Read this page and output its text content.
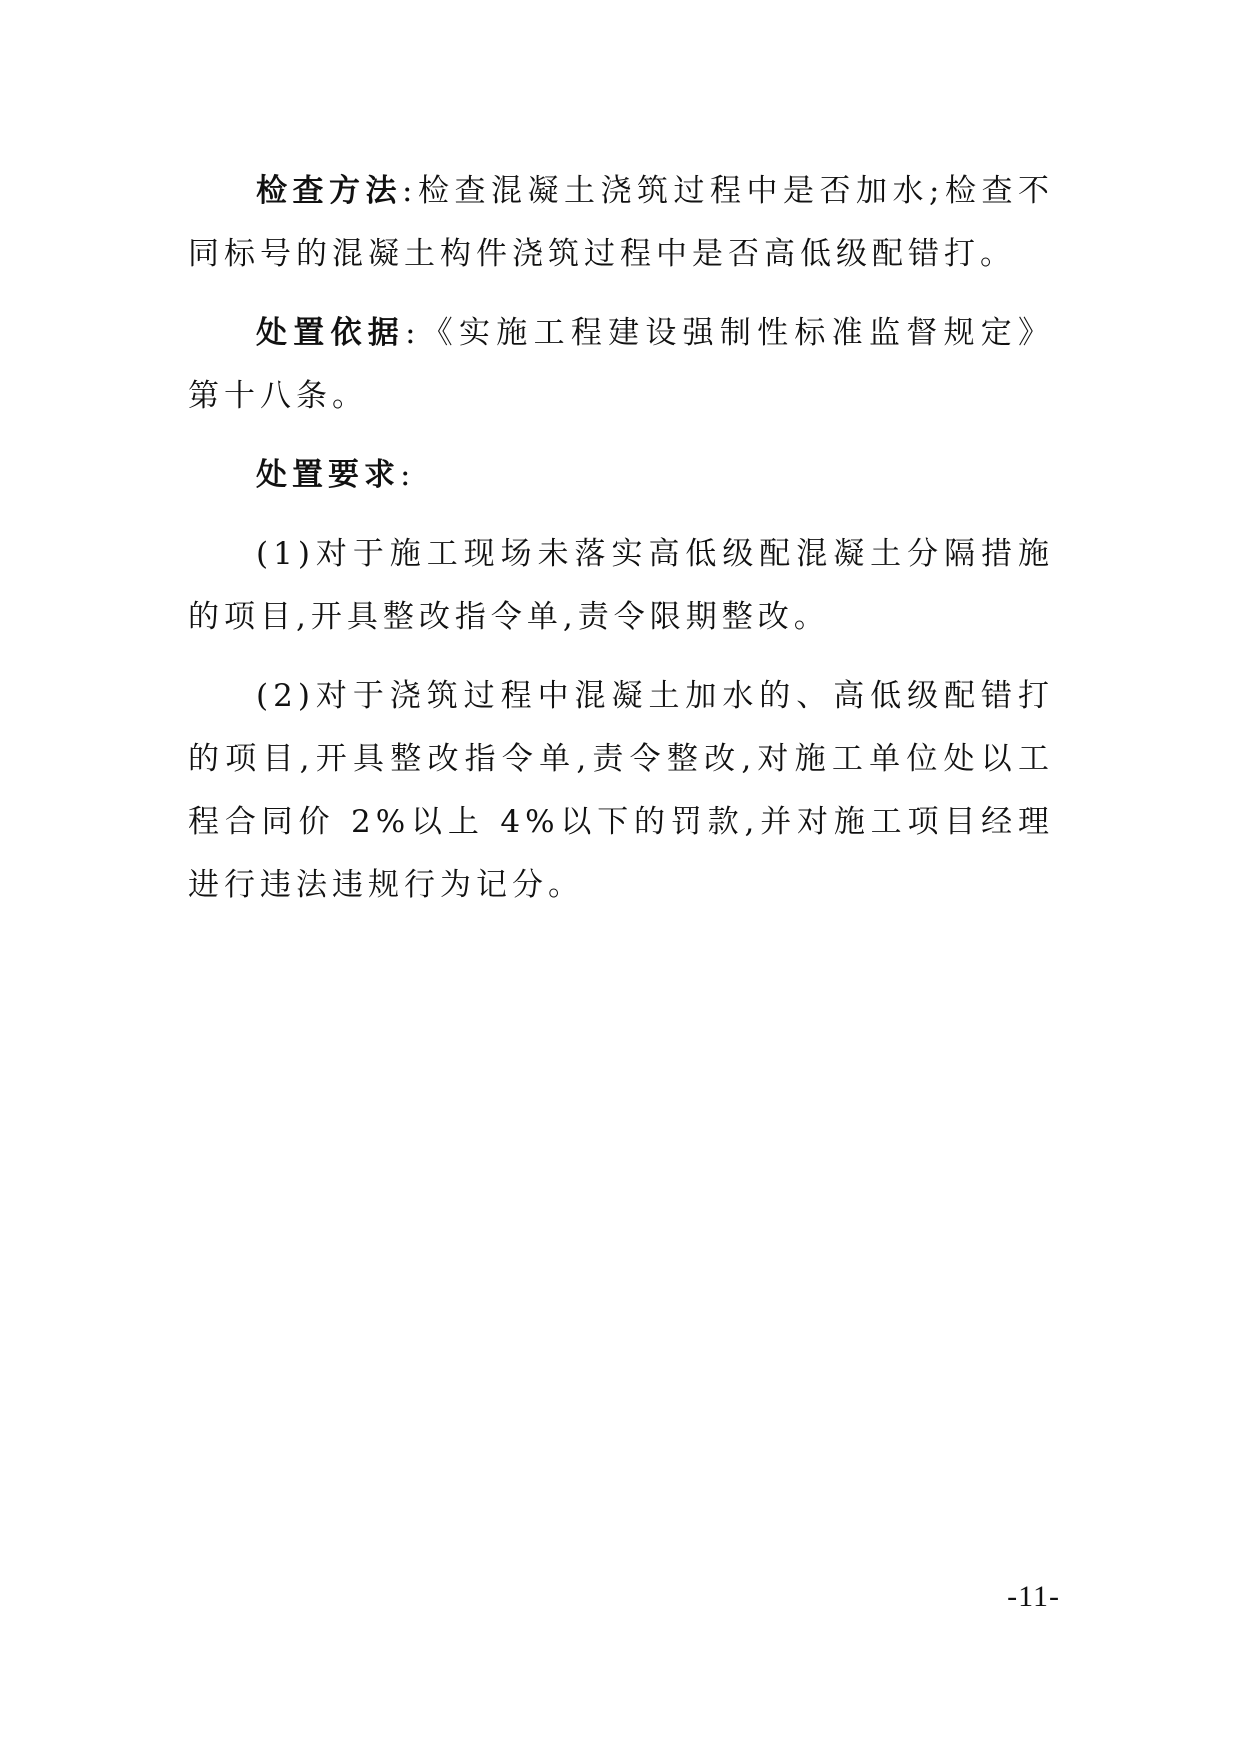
检查方法:检查混凝土浇筑过程中是否加水;检查不同标号的混凝土构件浇筑过程中是否高低级配错打。

处置依据:《实施工程建设强制性标准监督规定》第十八条。

处置要求:

(1)对于施工现场未落实高低级配混凝土分隔措施的项目,开具整改指令单,责令限期整改。

(2)对于浇筑过程中混凝土加水的、高低级配错打的项目,开具整改指令单,责令整改,对施工单位处以工程合同价 2%以上 4%以下的罚款,并对施工项目经理进行违法违规行为记分。

-11-
